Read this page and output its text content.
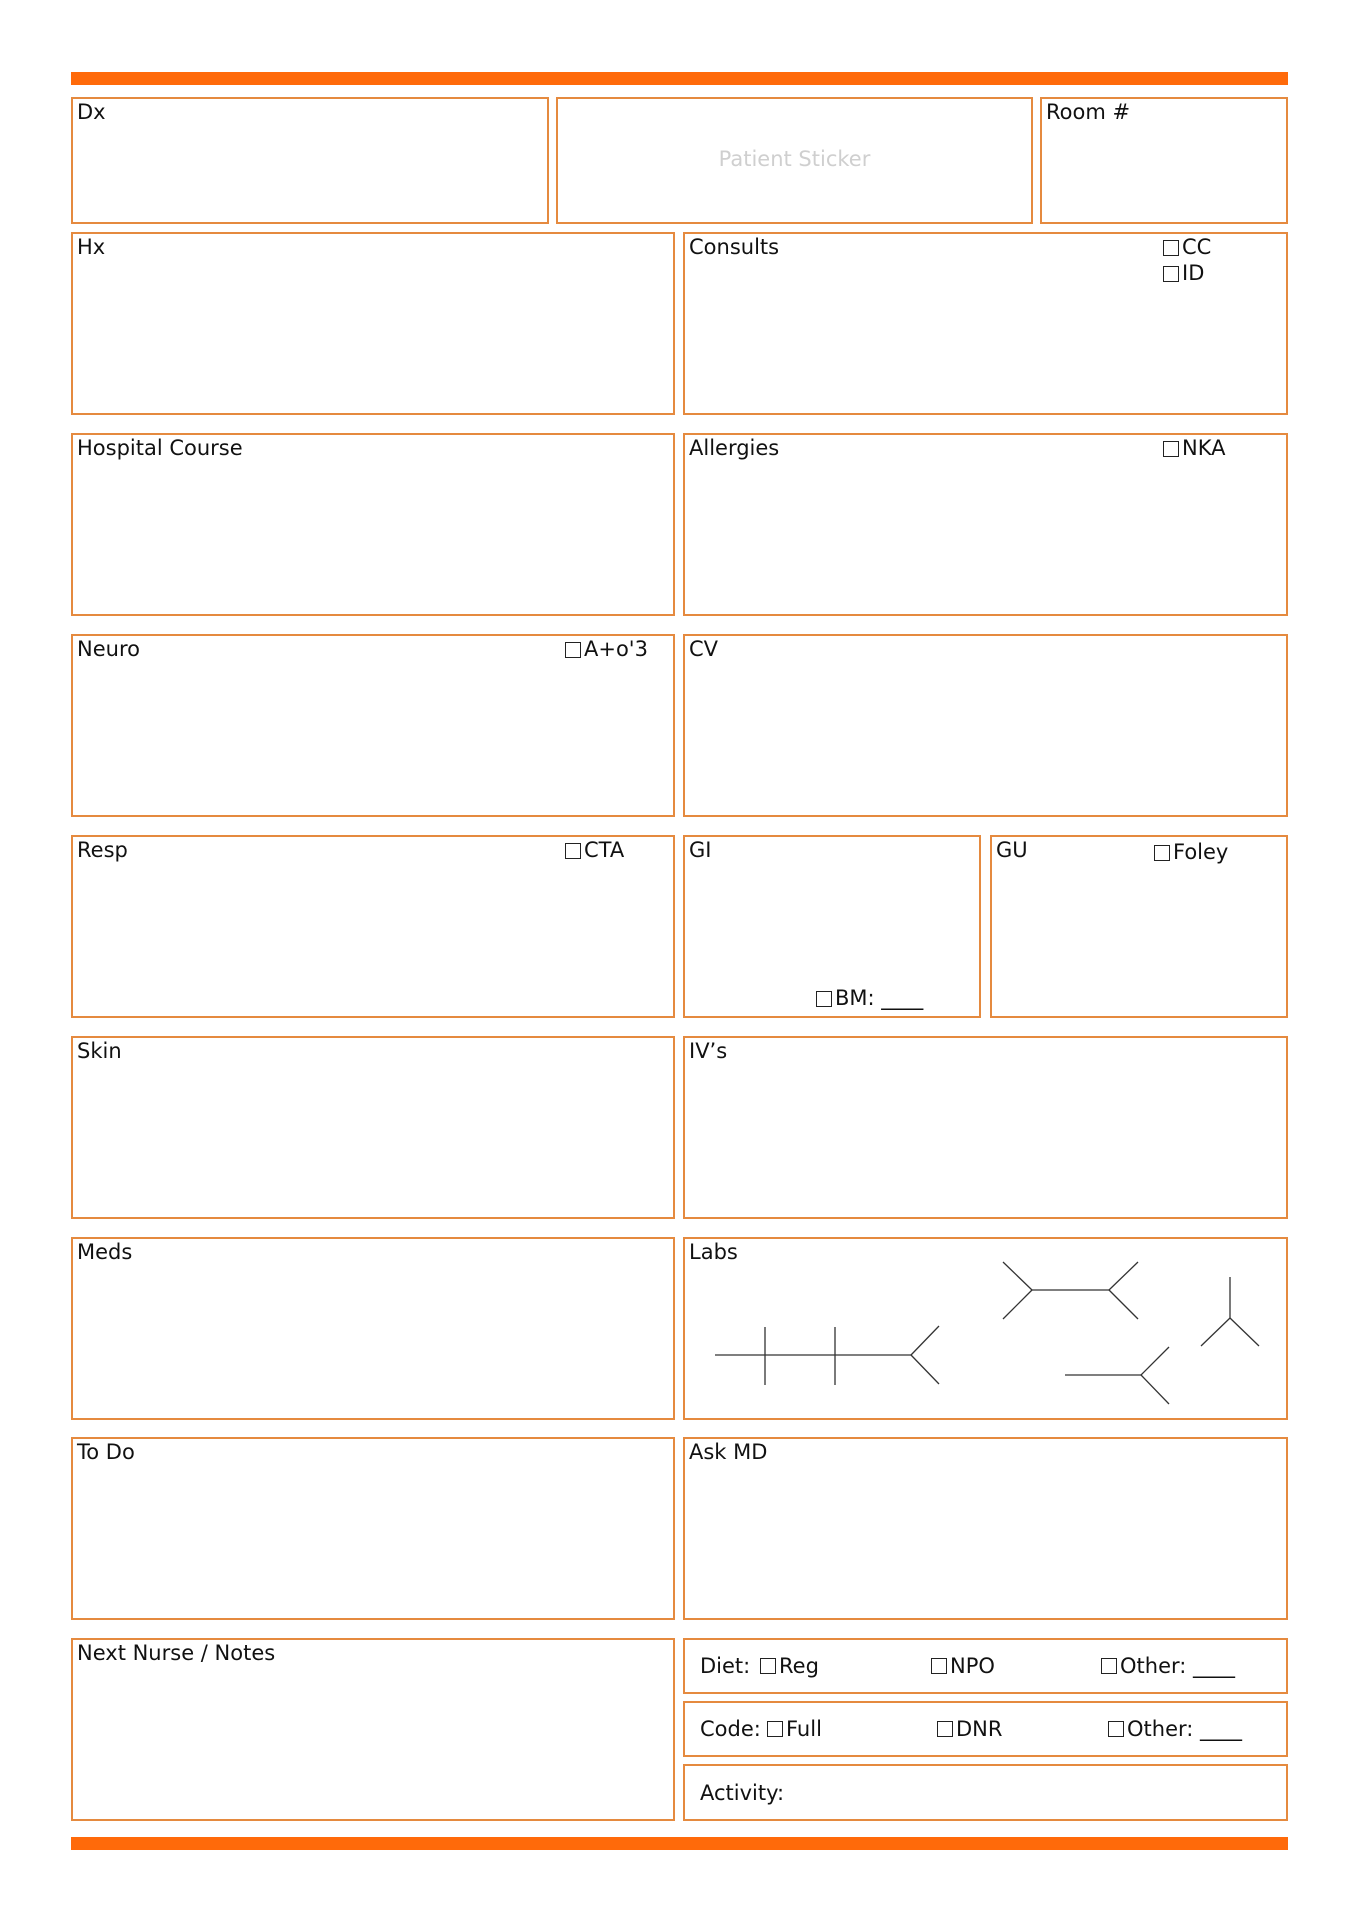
Dx
Patient Sticker
Room #
Hx	Consults	CC
ID
Hospital Course	Allergies	NKA
Neuro	A+o'3 CV
Resp	CTA	GI
BM: ____
GU	Foley
Skin	IV’s
Meds	Labs
To Do	Ask MD
Next Nurse / Notes
Diet: Reg	NPO	Other: ____
Code: Full	DNR	Other: ____
Activity:
